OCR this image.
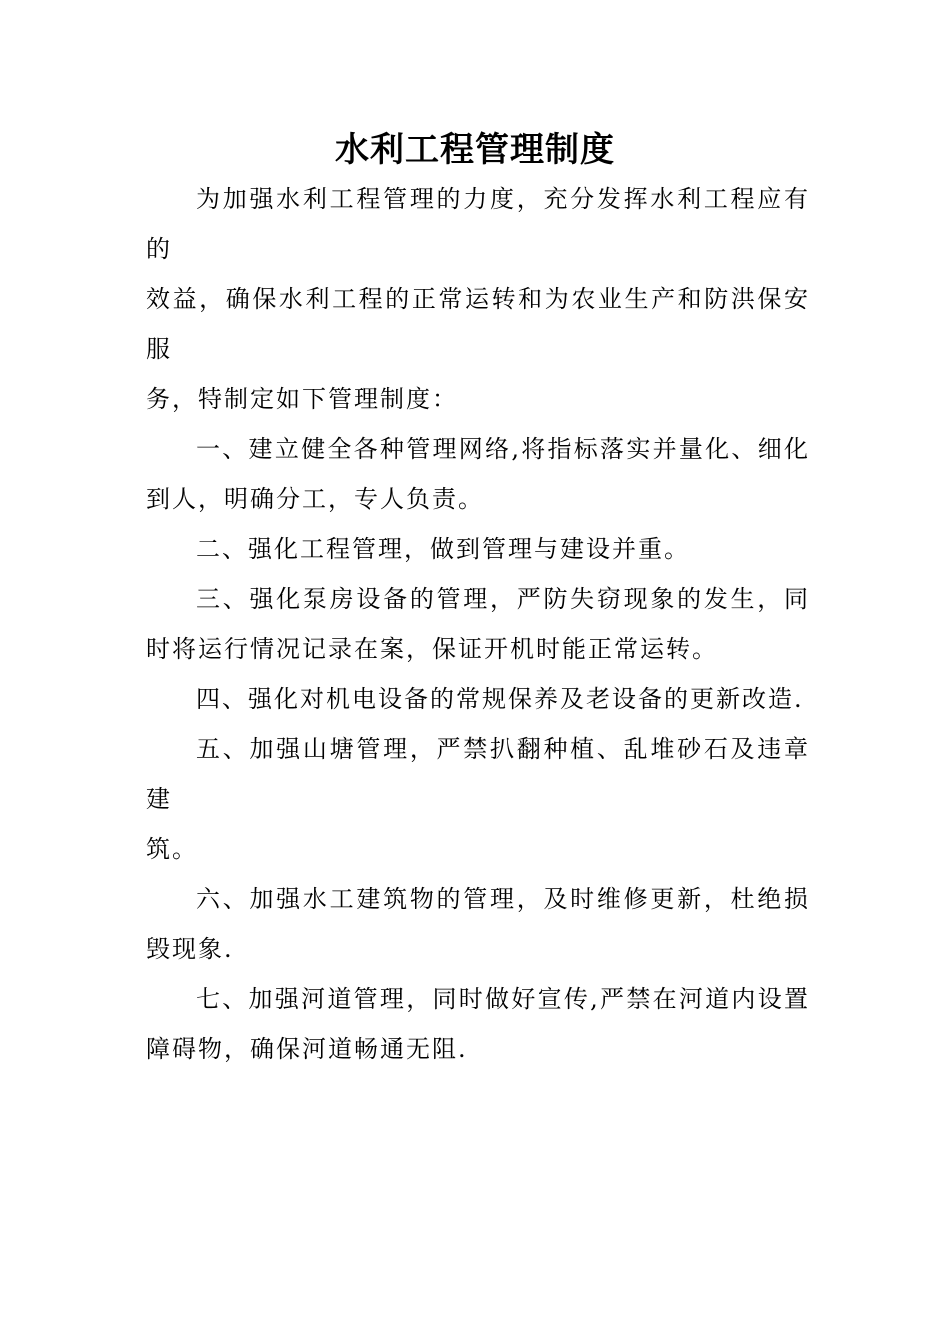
水利工程管理制度
为加强水利工程管理的力度，充分发挥水利工程应有
的
效益，确保水利工程的正常运转和为农业生产和防洪保安
服
务，特制定如下管理制度：
一、建立健全各种管理网络,将指标落实并量化、细化
到人，明确分工，专人负责。
二、强化工程管理，做到管理与建设并重。
三、强化泵房设备的管理，严防失窃现象的发生，同
时将运行情况记录在案，保证开机时能正常运转。
四、强化对机电设备的常规保养及老设备的更新改造.
五、加强山塘管理，严禁扒翻种植、乱堆砂石及违章
建
筑。
六、加强水工建筑物的管理，及时维修更新，杜绝损
毁现象.
七、加强河道管理，同时做好宣传,严禁在河道内设置
障碍物，确保河道畅通无阻.
